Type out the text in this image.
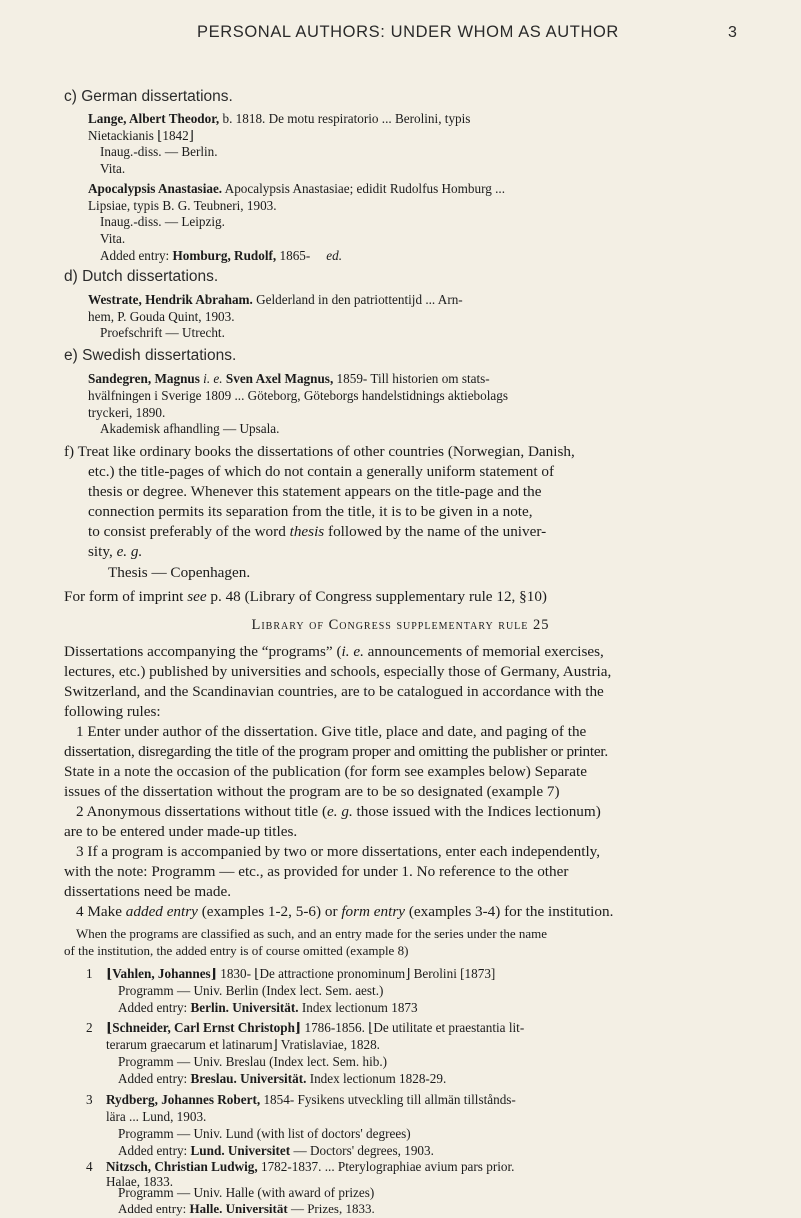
PERSONAL AUTHORS: UNDER WHOM AS AUTHOR	3
c) German dissertations.
Lange, Albert Theodor, b. 1818. De motu respiratorio ... Berolini, typis
Nietackianis ⌊1842⌋
Inaug.-diss. — Berlin.
Vita.
Apocalypsis Anastasiae. Apocalypsis Anastasiae; edidit Rudolfus Homburg ...
Lipsiae, typis B. G. Teubneri, 1903.
Inaug.-diss. — Leipzig.
Vita.
Added entry: Homburg, Rudolf, 1865- ed.
d) Dutch dissertations.
Westrate, Hendrik Abraham. Gelderland in den patriottentijd ... Arn-
hem, P. Gouda Quint, 1903.
Proefschrift — Utrecht.
e) Swedish dissertations.
Sandegren, Magnus i. e. Sven Axel Magnus, 1859- Till historien om stats-
hvälfningen i Sverige 1809 ... Göteborg, Göteborgs handelstidnings aktiebolags
tryckeri, 1890.
Akademisk afhandling — Upsala.
f) Treat like ordinary books the dissertations of other countries (Norwegian, Danish,
etc.) the title-pages of which do not contain a generally uniform statement of
thesis or degree. Whenever this statement appears on the title-page and the
connection permits its separation from the title, it is to be given in a note,
to consist preferably of the word thesis followed by the name of the univer-
sity, e. g.
Thesis — Copenhagen.
For form of imprint see p. 48 (Library of Congress supplementary rule 12, §10)
Library of Congress supplementary rule 25
Dissertations accompanying the “programs” (i. e. announcements of memorial exercises,
lectures, etc.) published by universities and schools, especially those of Germany, Austria,
Switzerland, and the Scandinavian countries, are to be catalogued in accordance with the
following rules:
1 Enter under author of the dissertation. Give title, place and date, and paging of the
dissertation, disregarding the title of the program proper and omitting the publisher or printer.
State in a note the occasion of the publication (for form see examples below) Separate
issues of the dissertation without the program are to be so designated (example 7)
2 Anonymous dissertations without title (e. g. those issued with the Indices lectionum)
are to be entered under made-up titles.
3 If a program is accompanied by two or more dissertations, enter each independently,
with the note: Programm — etc., as provided for under 1. No reference to the other
dissertations need be made.
4 Make added entry (examples 1-2, 5-6) or form entry (examples 3-4) for the institution.
When the programs are classified as such, and an entry made for the series under the name
of the institution, the added entry is of course omitted (example 8)
1 ⌊Vahlen, Johannes⌋ 1830- ⌊De attractione pronominum⌋ Berolini [1873]
Programm — Univ. Berlin (Index lect. Sem. aest.)
Added entry: Berlin. Universität. Index lectionum 1873
2 ⌊Schneider, Carl Ernst Christoph⌋ 1786-1856. ⌊De utilitate et praestantia lit-
terarum graecarum et latinarum⌋ Vratislaviae, 1828.
Programm — Univ. Breslau (Index lect. Sem. hib.)
Added entry: Breslau. Universität. Index lectionum 1828-29.
3 Rydberg, Johannes Robert, 1854- Fysikens utveckling till allmän tillstånds-
lära ... Lund, 1903.
Programm — Univ. Lund (with list of doctors' degrees)
Added entry: Lund. Universitet — Doctors' degrees, 1903.
4 Nitzsch, Christian Ludwig, 1782-1837. ... Pterylographiae avium pars prior.
Halae, 1833.
Programm — Univ. Halle (with award of prizes)
Added entry: Halle. Universität — Prizes, 1833.
